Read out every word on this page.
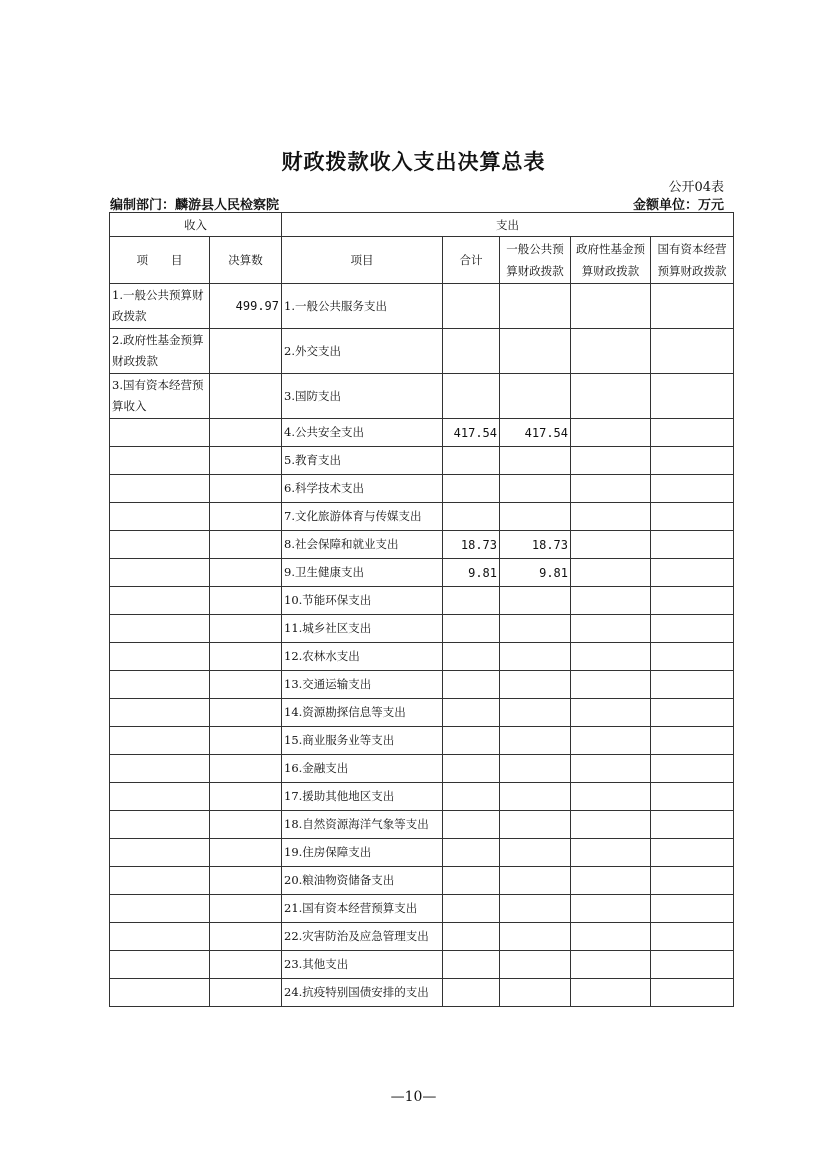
财政拨款收入支出决算总表
公开04表
编制部门：麟游县人民检察院	金额单位：万元
收入		支出				
项　　目	决算数	项目	合计	一般公共预算财政拨款	政府性基金预算财政拨款	国有资本经营预算财政拨款
1.一般公共预算财政拨款	499.97	1.一般公共服务支出				
2.政府性基金预算财政拨款		2.外交支出				
3.国有资本经营预算收入		3.国防支出				
		4.公共安全支出	417.54	417.54		
		5.教育支出				
		6.科学技术支出				
		7.文化旅游体育与传媒支出				
		8.社会保障和就业支出	18.73	18.73		
		9.卫生健康支出	9.81	9.81		
		10.节能环保支出				
		11.城乡社区支出				
		12.农林水支出				
		13.交通运输支出				
		14.资源勘探信息等支出				
		15.商业服务业等支出				
		16.金融支出				
		17.援助其他地区支出				
		18.自然资源海洋气象等支出				
		19.住房保障支出				
		20.粮油物资储备支出				
		21.国有资本经营预算支出				
		22.灾害防治及应急管理支出				
		23.其他支出				
		24.抗疫特别国债安排的支出				
—10—
